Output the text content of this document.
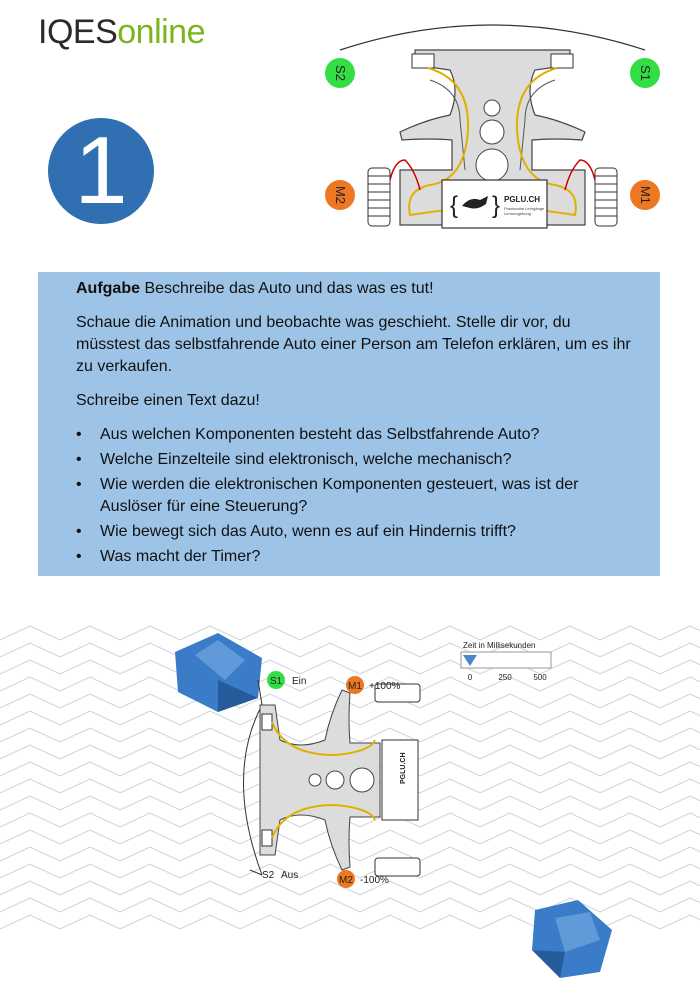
IQESonline
1	{ } PGLU.CH
Praxisnahe Lehrgänge
Lernumgebung
S2	S1
M2	M1

Aufgabe Beschreibe das Auto und das was es tut!

Schaue die Animation und beobachte was geschieht. Stelle dir vor, du müsstest das selbstfahrende Auto einer Person am Telefon erklären, um es ihr zu verkaufen.

Schreibe einen Text dazu!

• Aus welchen Komponenten besteht das Selbstfahrende Auto?
• Welche Einzelteile sind elektronisch, welche mechanisch?
• Wie werden die elektronischen Komponenten gesteuert, was ist der Auslöser für eine Steuerung?
• Wie bewegt sich das Auto, wenn es auf ein Hindernis trifft?
• Was macht der Timer?
Zeit in Millisekunden
0	250	500
PGLU.CH
S1 Ein	M1 +100%
S2 Aus	M2 -100%
